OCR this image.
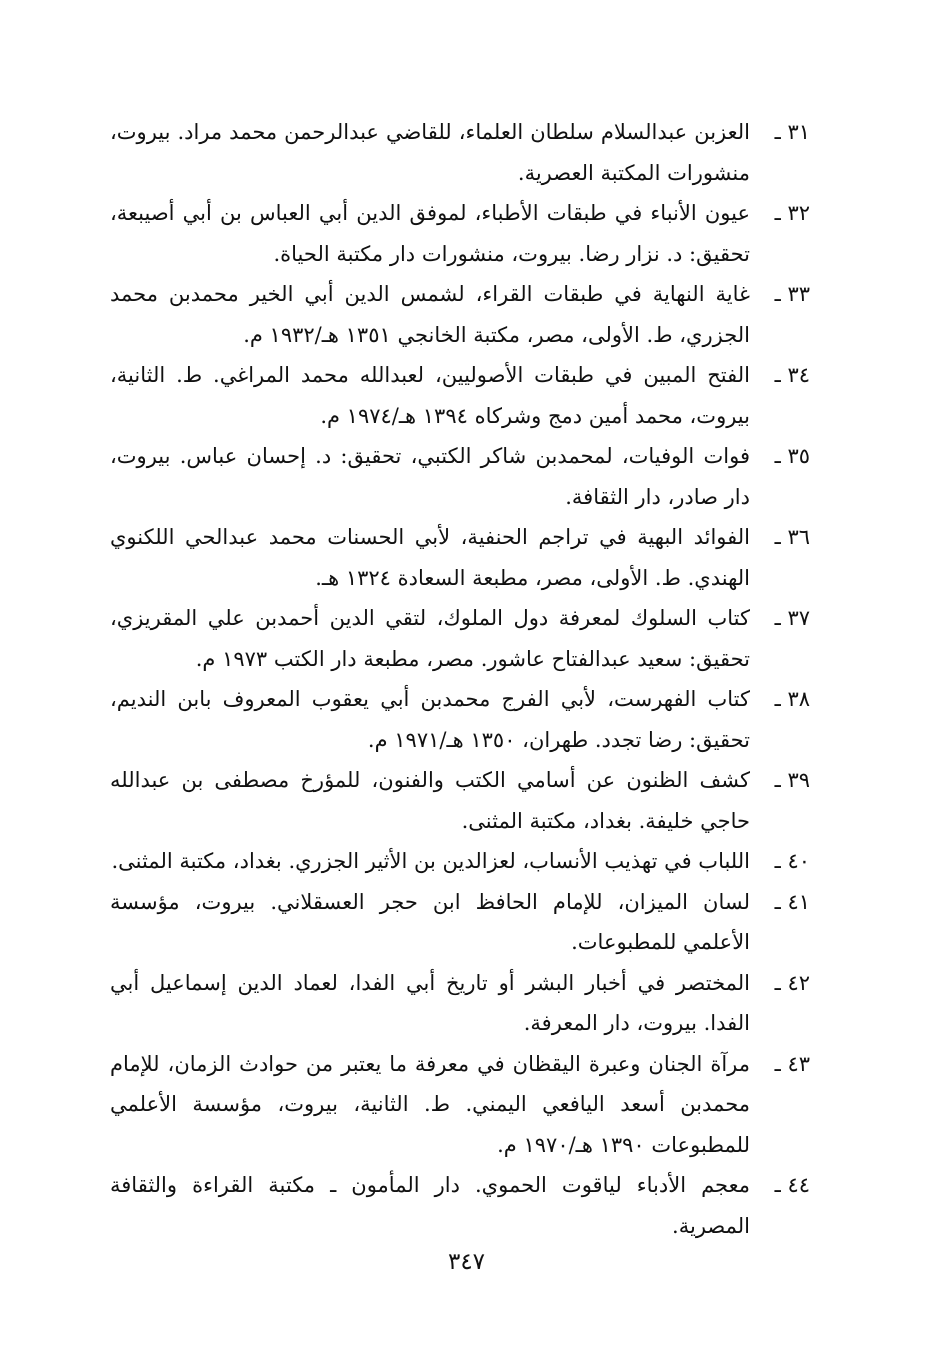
٣١ ـ
العزبن عبدالسلام سلطان العلماء، للقاضي عبدالرحمن محمد مراد. بيروت، منشورات المكتبة العصرية.
٣٢ ـ
عيون الأنباء في طبقات الأطباء، لموفق الدين أبي العباس بن أبي أصيبعة، تحقيق: د. نزار رضا. بيروت، منشورات دار مكتبة الحياة.
٣٣ ـ
غاية النهاية في طبقات القراء، لشمس الدين أبي الخير محمدبن محمد الجزري، ط. الأولى، مصر، مكتبة الخانجي ١٣٥١ هـ/١٩٣٢ م.
٣٤ ـ
الفتح المبين في طبقات الأصوليين، لعبدالله محمد المراغي. ط. الثانية، بيروت، محمد أمين دمج وشركاه ١٣٩٤ هـ/١٩٧٤ م.
٣٥ ـ
فوات الوفيات، لمحمدبن شاكر الكتبي، تحقيق: د. إحسان عباس. بيروت، دار صادر، دار الثقافة.
٣٦ ـ
الفوائد البهية في تراجم الحنفية، لأبي الحسنات محمد عبدالحي اللكنوي الهندي. ط. الأولى، مصر، مطبعة السعادة ١٣٢٤ هـ.
٣٧ ـ
كتاب السلوك لمعرفة دول الملوك، لتقي الدين أحمدبن علي المقريزي، تحقيق: سعيد عبدالفتاح عاشور. مصر، مطبعة دار الكتب ١٩٧٣ م.
٣٨ ـ
كتاب الفهرست، لأبي الفرج محمدبن أبي يعقوب المعروف بابن النديم، تحقيق: رضا تجدد. طهران، ١٣٥٠ هـ/١٩٧١ م.
٣٩ ـ
كشف الظنون عن أسامي الكتب والفنون، للمؤرخ مصطفى بن عبدالله حاجي خليفة. بغداد، مكتبة المثنى.
٤٠ ـ
اللباب في تهذيب الأنساب، لعزالدين بن الأثير الجزري. بغداد، مكتبة المثنى.
٤١ ـ
لسان الميزان، للإمام الحافظ ابن حجر العسقلاني. بيروت، مؤسسة الأعلمي للمطبوعات.
٤٢ ـ
المختصر في أخبار البشر أو تاريخ أبي الفدا، لعماد الدين إسماعيل أبي الفدا. بيروت، دار المعرفة.
٤٣ ـ
مرآة الجنان وعبرة اليقظان في معرفة ما يعتبر من حوادث الزمان، للإمام محمدبن أسعد اليافعي اليمني. ط. الثانية، بيروت، مؤسسة الأعلمي للمطبوعات ١٣٩٠ هـ/١٩٧٠ م.
٤٤ ـ
معجم الأدباء لياقوت الحموي. دار المأمون ـ مكتبة القراءة والثقافة المصرية.
٣٤٧
